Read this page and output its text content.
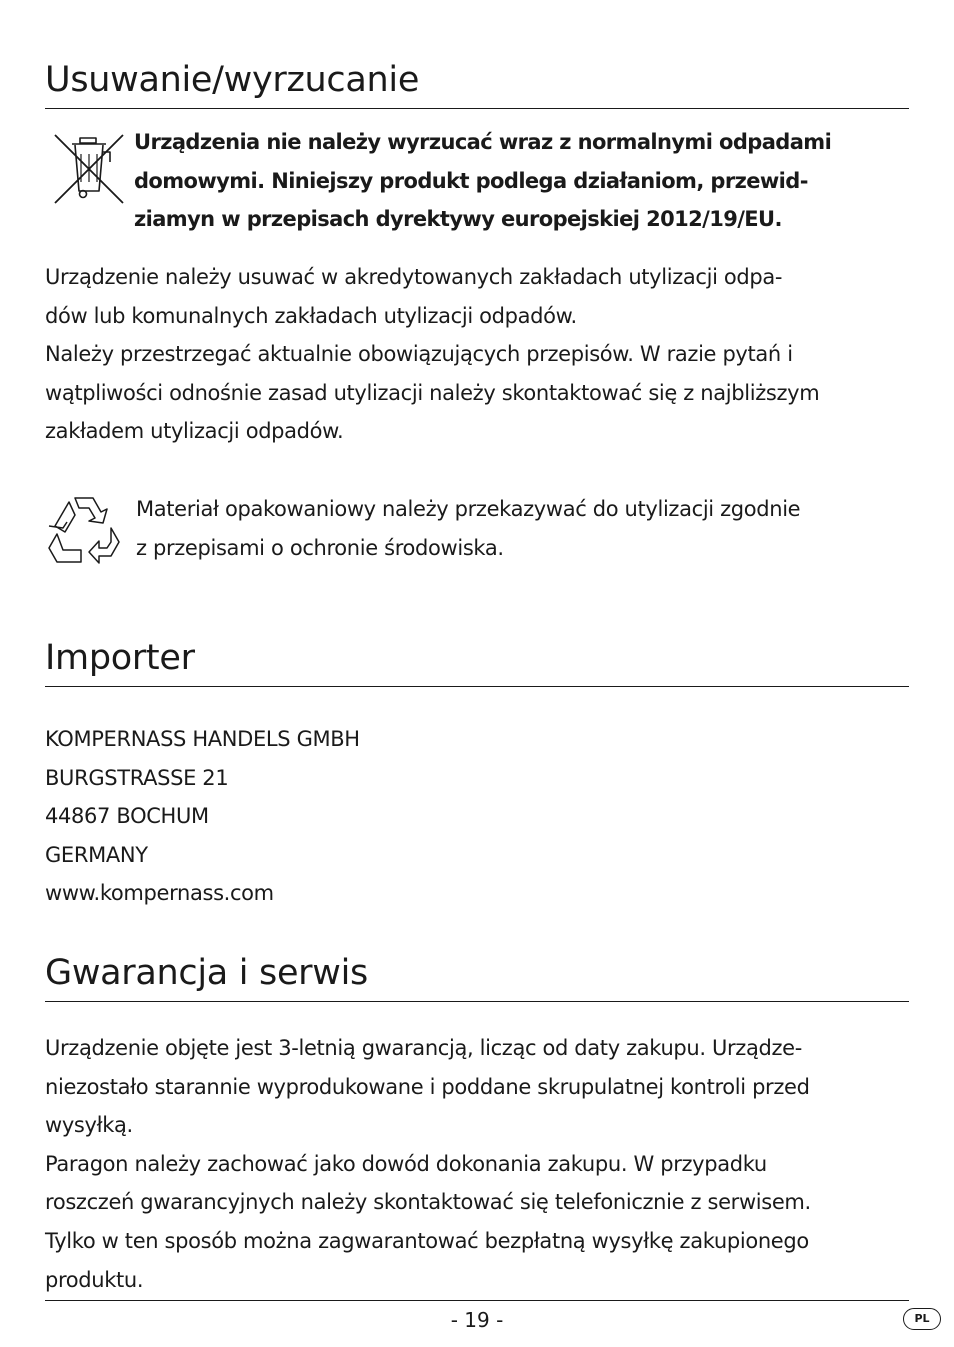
Usuwanie/wyrzucanie
Urządzenia nie należy wyrzucać wraz z normalnymi odpadami
domowymi. Niniejszy produkt podlega działaniom, przewid-
ziamyn w przepisach dyrektywy europejskiej 2012/19/EU.
Urządzenie należy usuwać w akredytowanych zakładach utylizacji odpa-
dów lub komunalnych zakładach utylizacji odpadów.
Należy przestrzegać aktualnie obowiązujących przepisów. W razie pytań i
wątpliwości odnośnie zasad utylizacji należy skontaktować się z najbliższym
zakładem utylizacji odpadów.
Materiał opakowaniowy należy przekazywać do utylizacji zgodnie
z przepisami o ochronie środowiska.
Importer
KOMPERNASS HANDELS GMBH
BURGSTRASSE 21
44867 BOCHUM
GERMANY
www.kompernass.com
Gwarancja i serwis
Urządzenie objęte jest 3-letnią gwarancją, licząc od daty zakupu. Urządze-
niezostało starannie wyprodukowane i poddane skrupulatnej kontroli przed
wysyłką.
Paragon należy zachować jako dowód dokonania zakupu. W przypadku
roszczeń gwarancyjnych należy skontaktować się telefonicznie z serwisem.
Tylko w ten sposób można zagwarantować bezpłatną wysyłkę zakupionego
produktu.
- 19 -	PL
